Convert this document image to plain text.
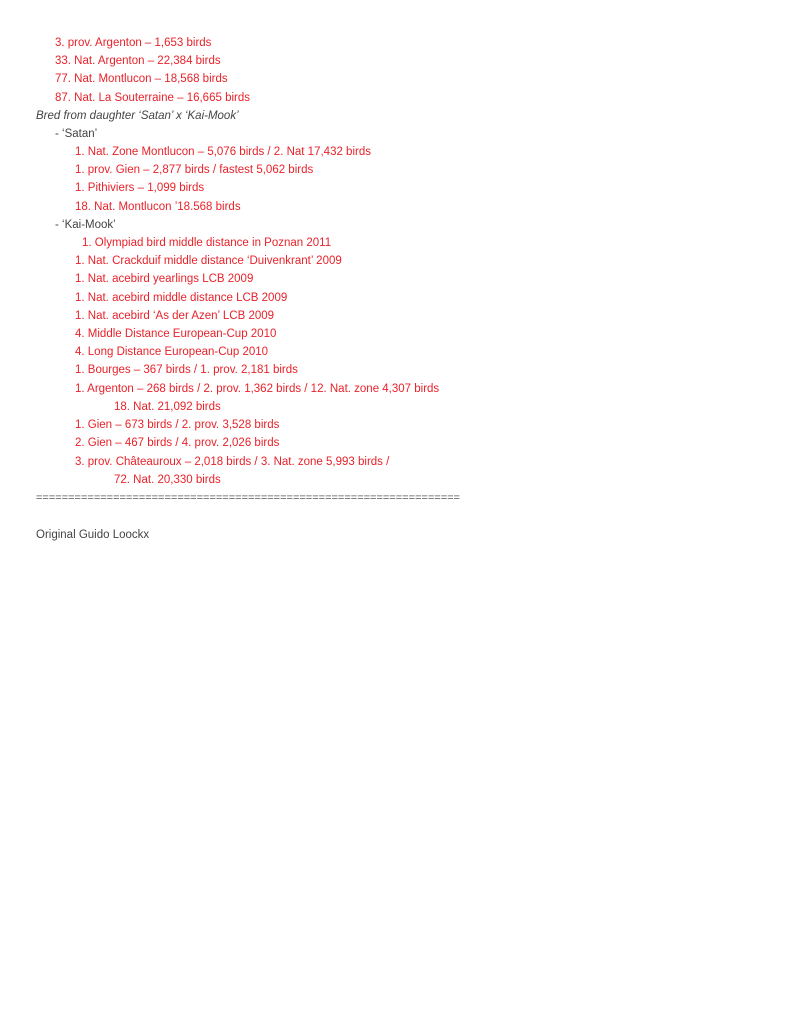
3. prov. Argenton – 1,653 birds
33. Nat. Argenton – 22,384 birds
77. Nat. Montlucon – 18,568 birds
87. Nat. La Souterraine – 16,665 birds
Bred from daughter ‘Satan’ x ‘Kai-Mook’
- ‘Satan’
1. Nat. Zone Montlucon – 5,076 birds / 2. Nat 17,432 birds
1. prov. Gien – 2,877 birds / fastest 5,062 birds
1. Pithiviers – 1,099 birds
18. Nat. Montlucon ’18.568 birds
- ‘Kai-Mook’
1. Olympiad bird middle distance in Poznan 2011
1. Nat. Crackduif middle distance ‘Duivenkrant’ 2009
1. Nat. acebird yearlings LCB 2009
1. Nat. acebird middle distance LCB 2009
1. Nat. acebird ‘As der Azen’ LCB 2009
4. Middle Distance European-Cup 2010
4. Long Distance European-Cup 2010
1. Bourges – 367 birds / 1. prov. 2,181 birds
1. Argenton – 268 birds / 2. prov. 1,362 birds / 12. Nat. zone 4,307 birds
18. Nat. 21,092 birds
1. Gien – 673 birds / 2. prov. 3,528 birds
2. Gien – 467 birds / 4. prov. 2,026 birds
3. prov. Châteauroux – 2,018 birds / 3. Nat. zone 5,993 birds /
72. Nat. 20,330 birds
==================================================================
Original Guido Loockx
